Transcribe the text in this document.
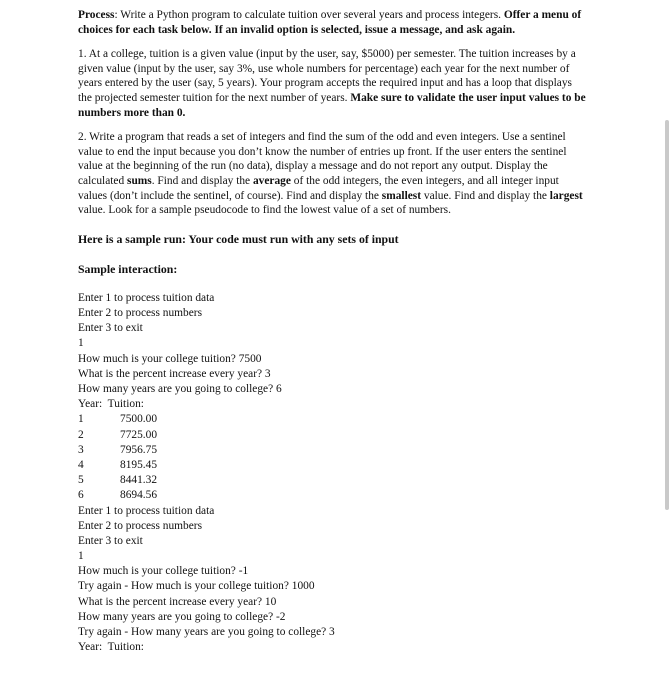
Process: Write a Python program to calculate tuition over several years and process integers. Offer a menu of choices for each task below. If an invalid option is selected, issue a message, and ask again.

1. At a college, tuition is a given value (input by the user, say, $5000) per semester. The tuition increases by a given value (input by the user, say 3%, use whole numbers for percentage) each year for the next number of years entered by the user (say, 5 years). Your program accepts the required input and has a loop that displays the projected semester tuition for the next number of years. Make sure to validate the user input values to be numbers more than 0.

2. Write a program that reads a set of integers and find the sum of the odd and even integers. Use a sentinel value to end the input because you don’t know the number of entries up front. If the user enters the sentinel value at the beginning of the run (no data), display a message and do not report any output. Display the calculated sums. Find and display the average of the odd integers, the even integers, and all integer input values (don’t include the sentinel, of course). Find and display the smallest value. Find and display the largest value. Look for a sample pseudocode to find the lowest value of a set of numbers.

Here is a sample run: Your code must run with any sets of input

Sample interaction:

Enter 1 to process tuition data
Enter 2 to process numbers
Enter 3 to exit
1
How much is your college tuition? 7500
What is the percent increase every year? 3
How many years are you going to college? 6
Year:  Tuition:
1	7500.00
2	7725.00
3	7956.75
4	8195.45
5	8441.32
6	8694.56
Enter 1 to process tuition data
Enter 2 to process numbers
Enter 3 to exit
1
How much is your college tuition? -1
Try again - How much is your college tuition? 1000
What is the percent increase every year? 10
How many years are you going to college? -2
Try again - How many years are you going to college? 3
Year:  Tuition:
